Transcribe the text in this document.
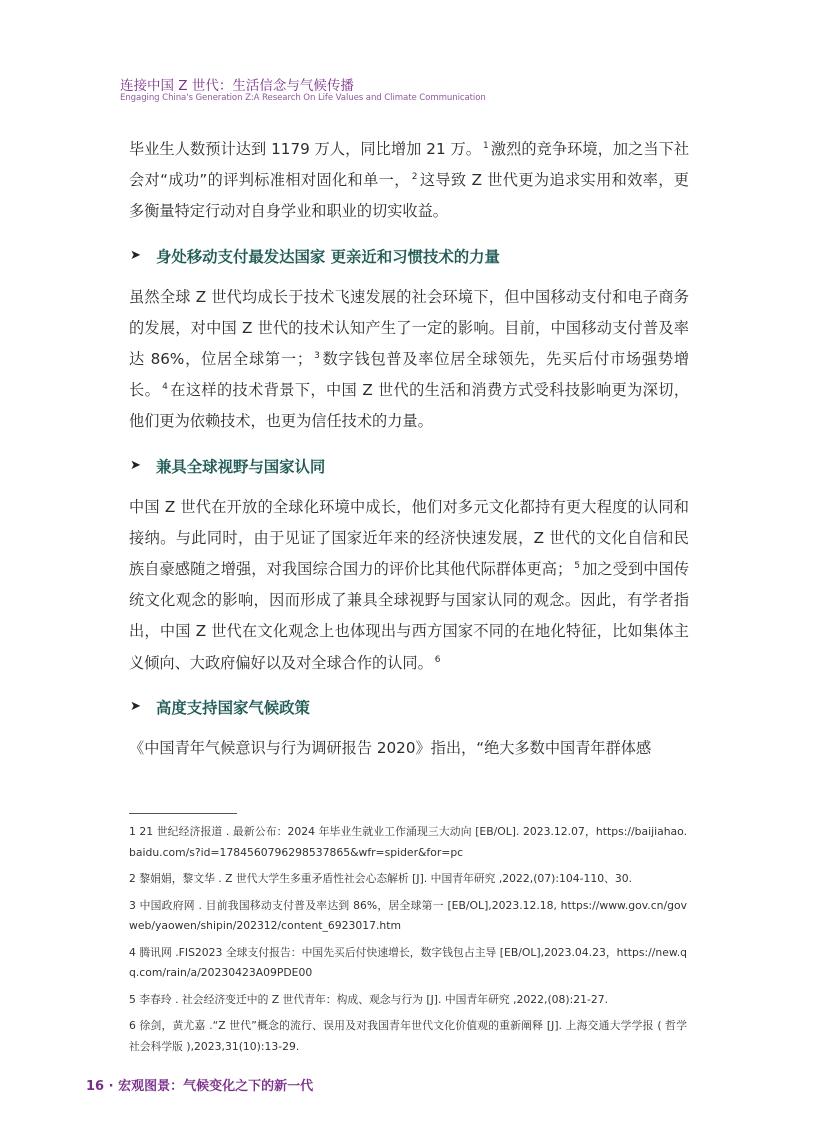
连接中国 Z 世代：生活信念与气候传播
Engaging China's Generation Z:A Research On Life Values and Climate Communication

毕业生人数预计达到 1179 万人，同比增加 21 万。 $^1$ 激烈的竞争环境，加之当下社会对“成功”的评判标准相对固化和单一， $^2$ 这导致 Z 世代更为追求实用和效率，更多衡量特定行动对自身学业和职业的切实收益。

➤ 身处移动支付最发达国家 更亲近和习惯技术的力量

虽然全球 Z 世代均成长于技术飞速发展的社会环境下，但中国移动支付和电子商务的发展，对中国 Z 世代的技术认知产生了一定的影响。目前，中国移动支付普及率达 86%，位居全球第一； $^3$ 数字钱包普及率位居全球领先，先买后付市场强势增长。 $^4$ 在这样的技术背景下，中国 Z 世代的生活和消费方式受科技影响更为深切，他们更为依赖技术，也更为信任技术的力量。

➤ 兼具全球视野与国家认同

中国 Z 世代在开放的全球化环境中成长，他们对多元文化都持有更大程度的认同和接纳。与此同时，由于见证了国家近年来的经济快速发展，Z 世代的文化自信和民族自豪感随之增强，对我国综合国力的评价比其他代际群体更高； $^5$ 加之受到中国传统文化观念的影响，因而形成了兼具全球视野与国家认同的观念。因此，有学者指出，中国 Z 世代在文化观念上也体现出与西方国家不同的在地化特征，比如集体主义倾向、大政府偏好以及对全球合作的认同。 $^6$

➤ 高度支持国家气候政策

《中国青年气候意识与行为调研报告 2020》指出，“绝大多数中国青年群体感

1 21 世纪经济报道 . 最新公布：2024 年毕业生就业工作涌现三大动向 [EB/OL]. 2023.12.07，https://baijiahao.baidu.com/s?id=1784560796298537865&wfr=spider&for=pc

2 黎娟娟，黎文华 . Z 世代大学生多重矛盾性社会心态解析 [J]. 中国青年研究 ,2022,(07):104-110、30.

3 中国政府网 . 目前我国移动支付普及率达到 86%，居全球第一 [EB/OL],2023.12.18, https://www.gov.cn/govweb/yaowen/shipin/202312/content_6923017.htm

4 腾讯网 .FIS2023 全球支付报告：中国先买后付快速增长，数字钱包占主导 [EB/OL],2023.04.23，https://new.qq.com/rain/a/20230423A09PDE00

5 李春玲 . 社会经济变迁中的 Z 世代青年：构成、观念与行为 [J]. 中国青年研究 ,2022,(08):21-27.

6 徐剑，黄尤嘉 .“Z 世代”概念的流行、误用及对我国青年世代文化价值观的重新阐释 [J]. 上海交通大学学报 ( 哲学社会科学版 ),2023,31(10):13-29.

16 · 宏观图景：气候变化之下的新一代
